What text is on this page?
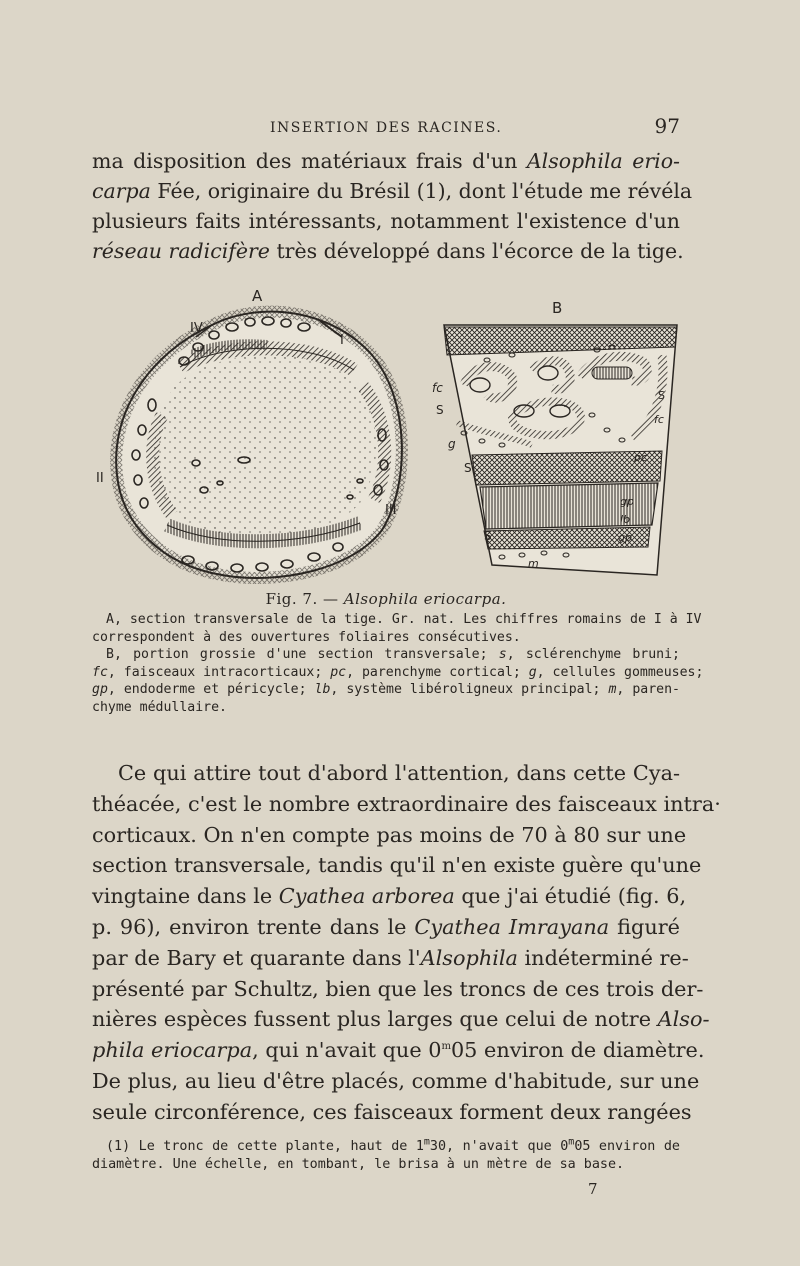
INSERTION DES RACINES.	97

ma disposition des matériaux frais d'un Alsophila erio-
carpa Fée, originaire du Brésil (1), dont l'étude me révéla
plusieurs faits intéressants, notamment l'existence d'un
réseau radicifère très développé dans l'écorce de la tige.

A
B
IV
I
II
III
fc
S
g
S
S
S
fc
pc
gp
lb
gp
m
Fig. 7. — Alsophila eriocarpa.
A, section transversale de la tige. Gr. nat. Les chiffres romains de I à IV
correspondent à des ouvertures foliaires consécutives.
B, portion grossie d'une section transversale; s, sclérenchyme bruni;
fc, faisceaux intracorticaux; pc, parenchyme cortical; g, cellules gommeuses;
gp, endoderme et péricycle; lb, système libéroligneux principal; m, paren-
chyme médullaire.

Ce qui attire tout d'abord l'attention, dans cette Cya-
théacée, c'est le nombre extraordinaire des faisceaux intra·
corticaux. On n'en compte pas moins de 70 à 80 sur une
section transversale, tandis qu'il n'en existe guère qu'une
vingtaine dans le Cyathea arborea que j'ai étudié (fig. 6,
p. 96), environ trente dans le Cyathea Imrayana figuré
par de Bary et quarante dans l'Alsophila indéterminé re-
présenté par Schultz, bien que les troncs de ces trois der-
nières espèces fussent plus larges que celui de notre Also-
phila eriocarpa, qui n'avait que 0$^m$05 environ de diamètre.
De plus, au lieu d'être placés, comme d'habitude, sur une
seule circonférence, ces faisceaux forment deux rangées

(1) Le tronc de cette plante, haut de 1$^m$30, n'avait que 0$^m$05 environ de
diamètre. Une échelle, en tombant, le brisa à un mètre de sa base.
7
